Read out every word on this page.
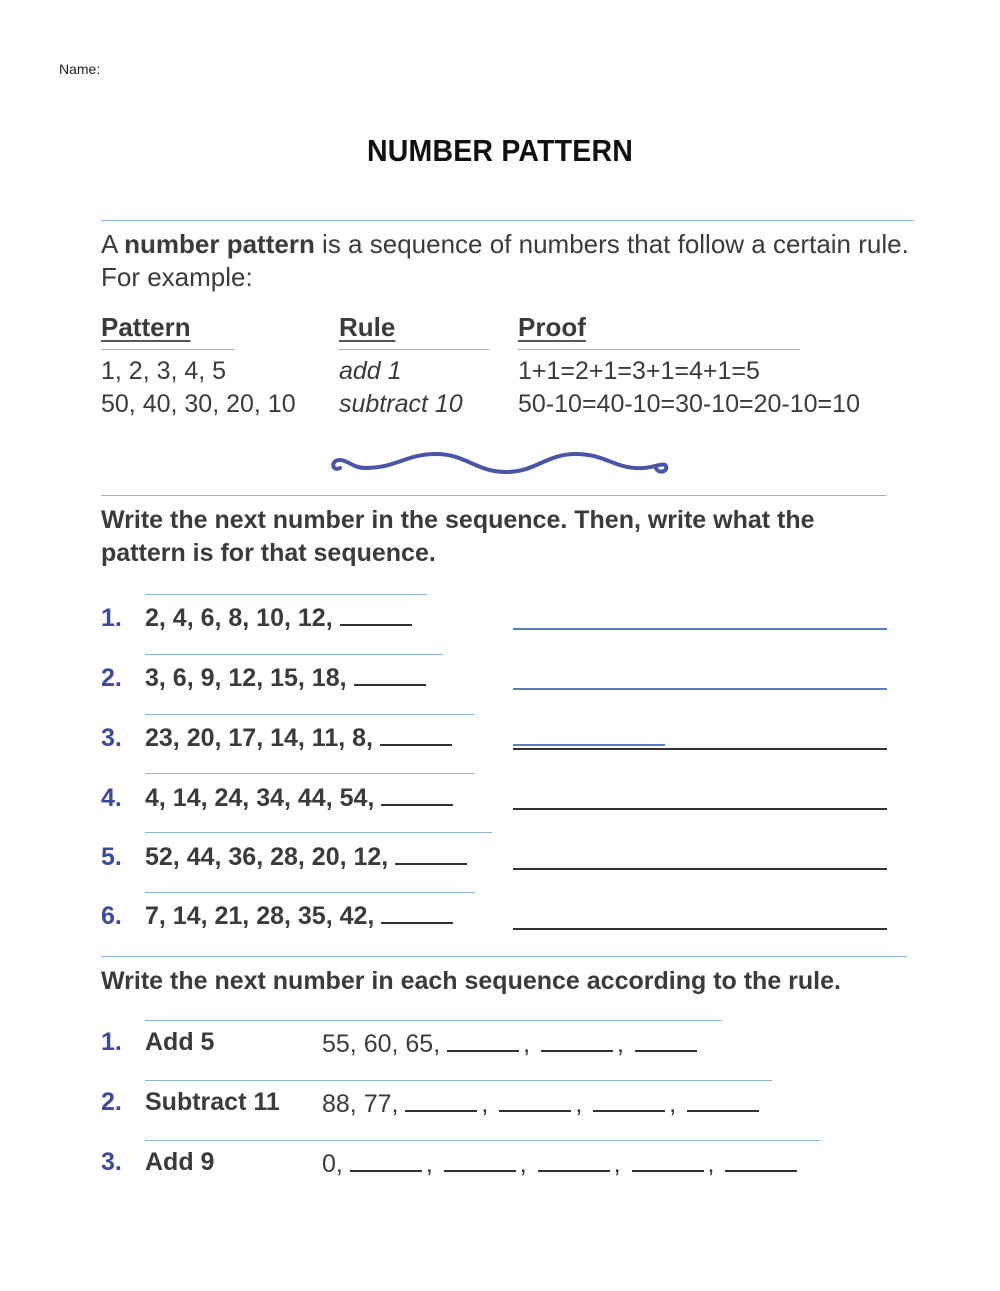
Name:
NUMBER PATTERN
A number pattern is a sequence of numbers that follow a certain rule. For example:
Pattern	Rule	Proof
1, 2, 3, 4, 5	add 1	1+1=2+1=3+1=4+1=5
50, 40, 30, 20, 10 subtract 10 50-10=40-10=30-10=20-10=10
Write the next number in the sequence. Then, write what the pattern is for that sequence.
Write the next number in each sequence according to the rule.
1. 2, 4, 6, 8, 10, 12,
2. 3, 6, 9, 12, 15, 18,
3. 23, 20, 17, 14, 11, 8,
4. 4, 14, 24, 34, 44, 54,
5. 52, 44, 36, 28, 20, 12,
6. 7, 14, 21, 28, 35, 42,
1. Add 5	55, 60, 65,	,	,
2. Subtract 11 88, 77,	,	,	,
3. Add 9	0,	,	,	,	,
